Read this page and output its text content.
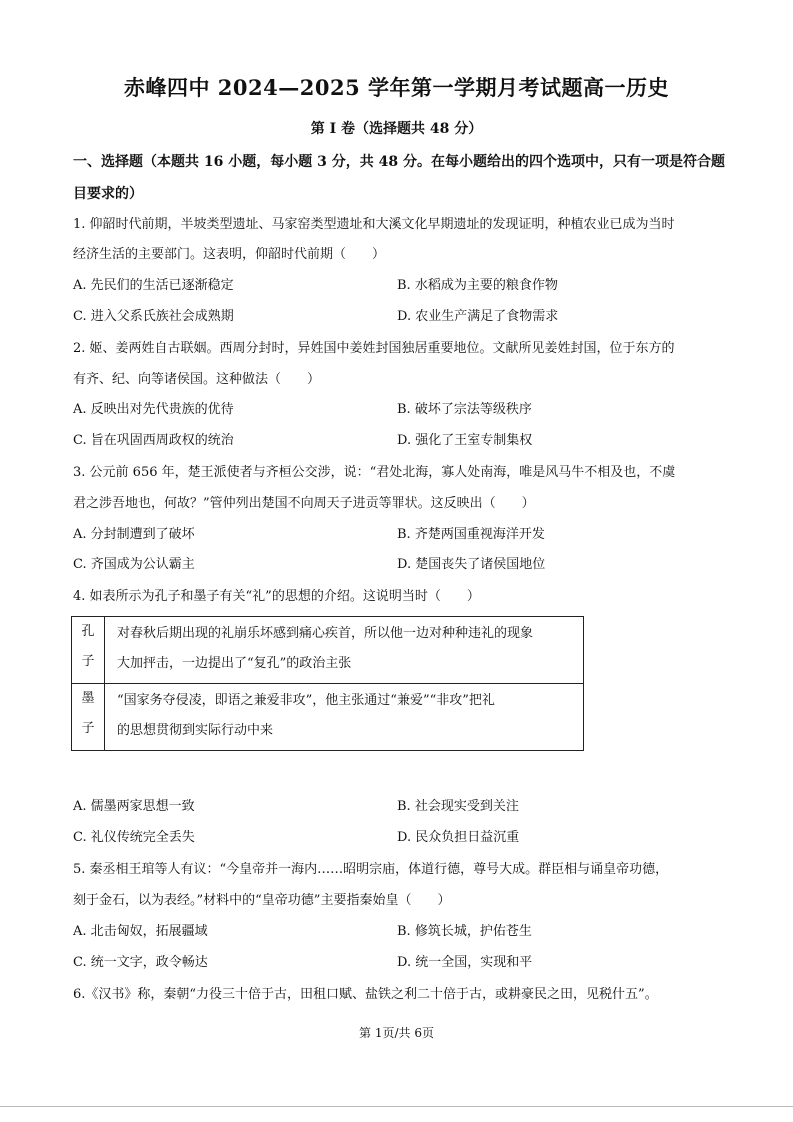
赤峰四中 2024—2025 学年第一学期月考试题高一历史
第 I 卷（选择题共 48 分）
一、选择题（本题共 16 小题，每小题 3 分，共 48 分。在每小题给出的四个选项中，只有一项是符合题目要求的）
1. 仰韶时代前期，半坡类型遗址、马家窑类型遗址和大溪文化早期遗址的发现证明，种植农业已成为当时
经济生活的主要部门。这表明，仰韶时代前期（　　）
A. 先民们的生活已逐渐稳定	B. 水稻成为主要的粮食作物
C. 进入父系氏族社会成熟期	D. 农业生产满足了食物需求
2. 姬、姜两姓自古联姻。西周分封时，异姓国中姜姓封国独居重要地位。文献所见姜姓封国，位于东方的
有齐、纪、向等诸侯国。这种做法（　　）
A. 反映出对先代贵族的优待	B. 破坏了宗法等级秩序
C. 旨在巩固西周政权的统治	D. 强化了王室专制集权
3. 公元前 656 年，楚王派使者与齐桓公交涉，说：“君处北海，寡人处南海，唯是风马牛不相及也，不虞
君之涉吾地也，何故？”管仲列出楚国不向周天子进贡等罪状。这反映出（　　）
A. 分封制遭到了破坏	B. 齐楚两国重视海洋开发
C. 齐国成为公认霸主	D. 楚国丧失了诸侯国地位
4. 如表所示为孔子和墨子有关“礼”的思想的介绍。这说明当时（　　）
孔
子	对春秋后期出现的礼崩乐坏感到痛心疾首，所以他一边对种种违礼的现象
大加抨击，一边提出了“复孔”的政治主张

墨
子	“国家务夺侵凌，即语之兼爱非攻”，他主张通过“兼爱”“非攻”把礼
的思想贯彻到实际行动中来
A. 儒墨两家思想一致	B. 社会现实受到关注
C. 礼仪传统完全丢失	D. 民众负担日益沉重
5. 秦丞相王琯等人有议：“今皇帝并一海内……昭明宗庙，体道行德，尊号大成。群臣相与诵皇帝功德，
刻于金石，以为表经。”材料中的“皇帝功德”主要指秦始皇（　　）
A. 北击匈奴，拓展疆域	B. 修筑长城，护佑苍生
C. 统一文字，政令畅达	D. 统一全国，实现和平
6.《汉书》称，秦朝“力役三十倍于古，田租口赋、盐铁之利二十倍于古，或耕豪民之田，见税什五”。
第 1页/共 6页
